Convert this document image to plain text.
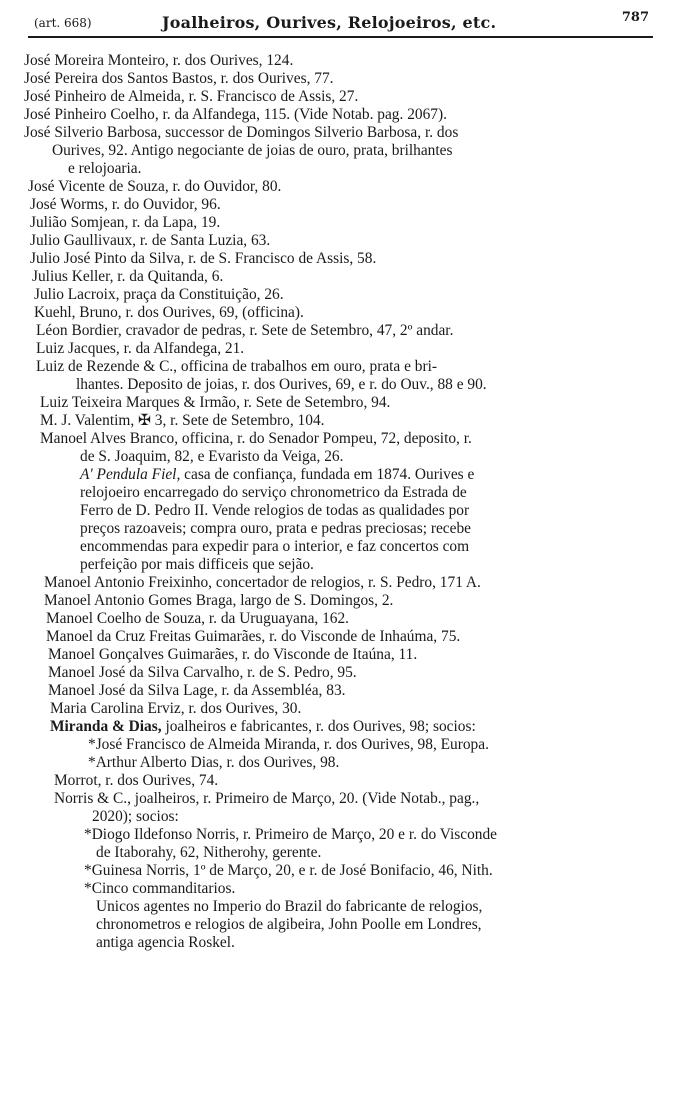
(art. 668)	Joalheiros, Ourives, Relojoeiros, etc.	787
José Moreira Monteiro, r. dos Ourives, 124.
José Pereira dos Santos Bastos, r. dos Ourives, 77.
José Pinheiro de Almeida, r. S. Francisco de Assis, 27.
José Pinheiro Coelho, r. da Alfandega, 115. (Vide Notab. pag. 2067).
José Silverio Barbosa, successor de Domingos Silverio Barbosa, r. dos
Ourives, 92. Antigo negociante de joias de ouro, prata, brilhantes
e relojoaria.
José Vicente de Souza, r. do Ouvidor, 80.
José Worms, r. do Ouvidor, 96.
Julião Somjean, r. da Lapa, 19.
Julio Gaullivaux, r. de Santa Luzia, 63.
Julio José Pinto da Silva, r. de S. Francisco de Assis, 58.
Julius Keller, r. da Quitanda, 6.
Julio Lacroix, praça da Constituição, 26.
Kuehl, Bruno, r. dos Ourives, 69, (officina).
Léon Bordier, cravador de pedras, r. Sete de Setembro, 47, 2º andar.
Luiz Jacques, r. da Alfandega, 21.
Luiz de Rezende & C., officina de trabalhos em ouro, prata e bri-
lhantes. Deposito de joias, r. dos Ourives, 69, e r. do Ouv., 88 e 90.
Luiz Teixeira Marques & Irmão, r. Sete de Setembro, 94.
M. J. Valentim, ✠ 3, r. Sete de Setembro, 104.
Manoel Alves Branco, officina, r. do Senador Pompeu, 72, deposito, r.
de S. Joaquim, 82, e Evaristo da Veiga, 26.
A' Pendula Fiel, casa de confiança, fundada em 1874. Ourives e
relojoeiro encarregado do serviço chronometrico da Estrada de
Ferro de D. Pedro II. Vende relogios de todas as qualidades por
preços razoaveis; compra ouro, prata e pedras preciosas; recebe
encommendas para expedir para o interior, e faz concertos com
perfeição por mais difficeis que sejão.
Manoel Antonio Freixinho, concertador de relogios, r. S. Pedro, 171 A.
Manoel Antonio Gomes Braga, largo de S. Domingos, 2.
Manoel Coelho de Souza, r. da Uruguayana, 162.
Manoel da Cruz Freitas Guimarães, r. do Visconde de Inhaúma, 75.
Manoel Gonçalves Guimarães, r. do Visconde de Itaúna, 11.
Manoel José da Silva Carvalho, r. de S. Pedro, 95.
Manoel José da Silva Lage, r. da Assembléa, 83.
Maria Carolina Erviz, r. dos Ourives, 30.
Miranda & Dias, joalheiros e fabricantes, r. dos Ourives, 98; socios:
*José Francisco de Almeida Miranda, r. dos Ourives, 98, Europa.
*Arthur Alberto Dias, r. dos Ourives, 98.
Morrot, r. dos Ourives, 74.
Norris & C., joalheiros, r. Primeiro de Março, 20. (Vide Notab., pag.,
2020); socios:
*Diogo Ildefonso Norris, r. Primeiro de Março, 20 e r. do Visconde
de Itaborahy, 62, Nitherohy, gerente.
*Guinesa Norris, 1º de Março, 20, e r. de José Bonifacio, 46, Nith.
*Cinco commanditarios.
Unicos agentes no Imperio do Brazil do fabricante de relogios,
chronometros e relogios de algibeira, John Poolle em Londres,
antiga agencia Roskel.
